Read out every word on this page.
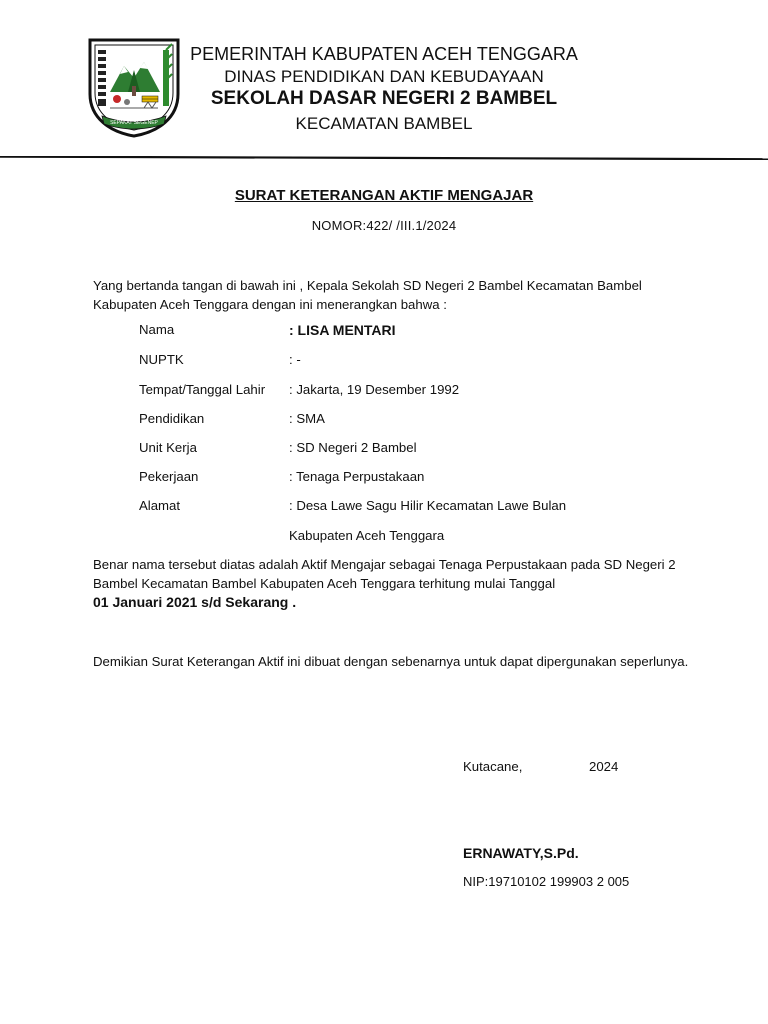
SEPAKAT SEGENEP
PEMERINTAH KABUPATEN ACEH TENGGARA
DINAS PENDIDIKAN DAN KEBUDAYAAN
SEKOLAH DASAR NEGERI 2 BAMBEL
KECAMATAN BAMBEL
SURAT KETERANGAN AKTIF MENGAJAR
NOMOR:422/ /III.1/2024
Yang bertanda tangan di bawah ini , Kepala Sekolah SD Negeri 2 Bambel Kecamatan Bambel Kabupaten Aceh Tenggara dengan ini menerangkan bahwa :
Nama	: LISA MENTARI
NUPTK	: -
Tempat/Tanggal Lahir	: Jakarta, 19 Desember 1992
Pendidikan	: SMA
Unit Kerja	: SD Negeri 2 Bambel
Pekerjaan	: Tenaga Perpustakaan
Alamat	: Desa Lawe Sagu Hilir Kecamatan Lawe Bulan
Kabupaten Aceh Tenggara
Benar nama tersebut diatas adalah Aktif Mengajar sebagai Tenaga Perpustakaan pada SD Negeri 2 Bambel Kecamatan Bambel Kabupaten Aceh Tenggara terhitung mulai Tanggal
01 Januari 2021 s/d Sekarang .
Demikian Surat Keterangan Aktif ini dibuat dengan sebenarnya untuk dapat dipergunakan seperlunya.
Kutacane,	2024
ERNAWATY,S.Pd.
NIP:19710102 199903 2 005
